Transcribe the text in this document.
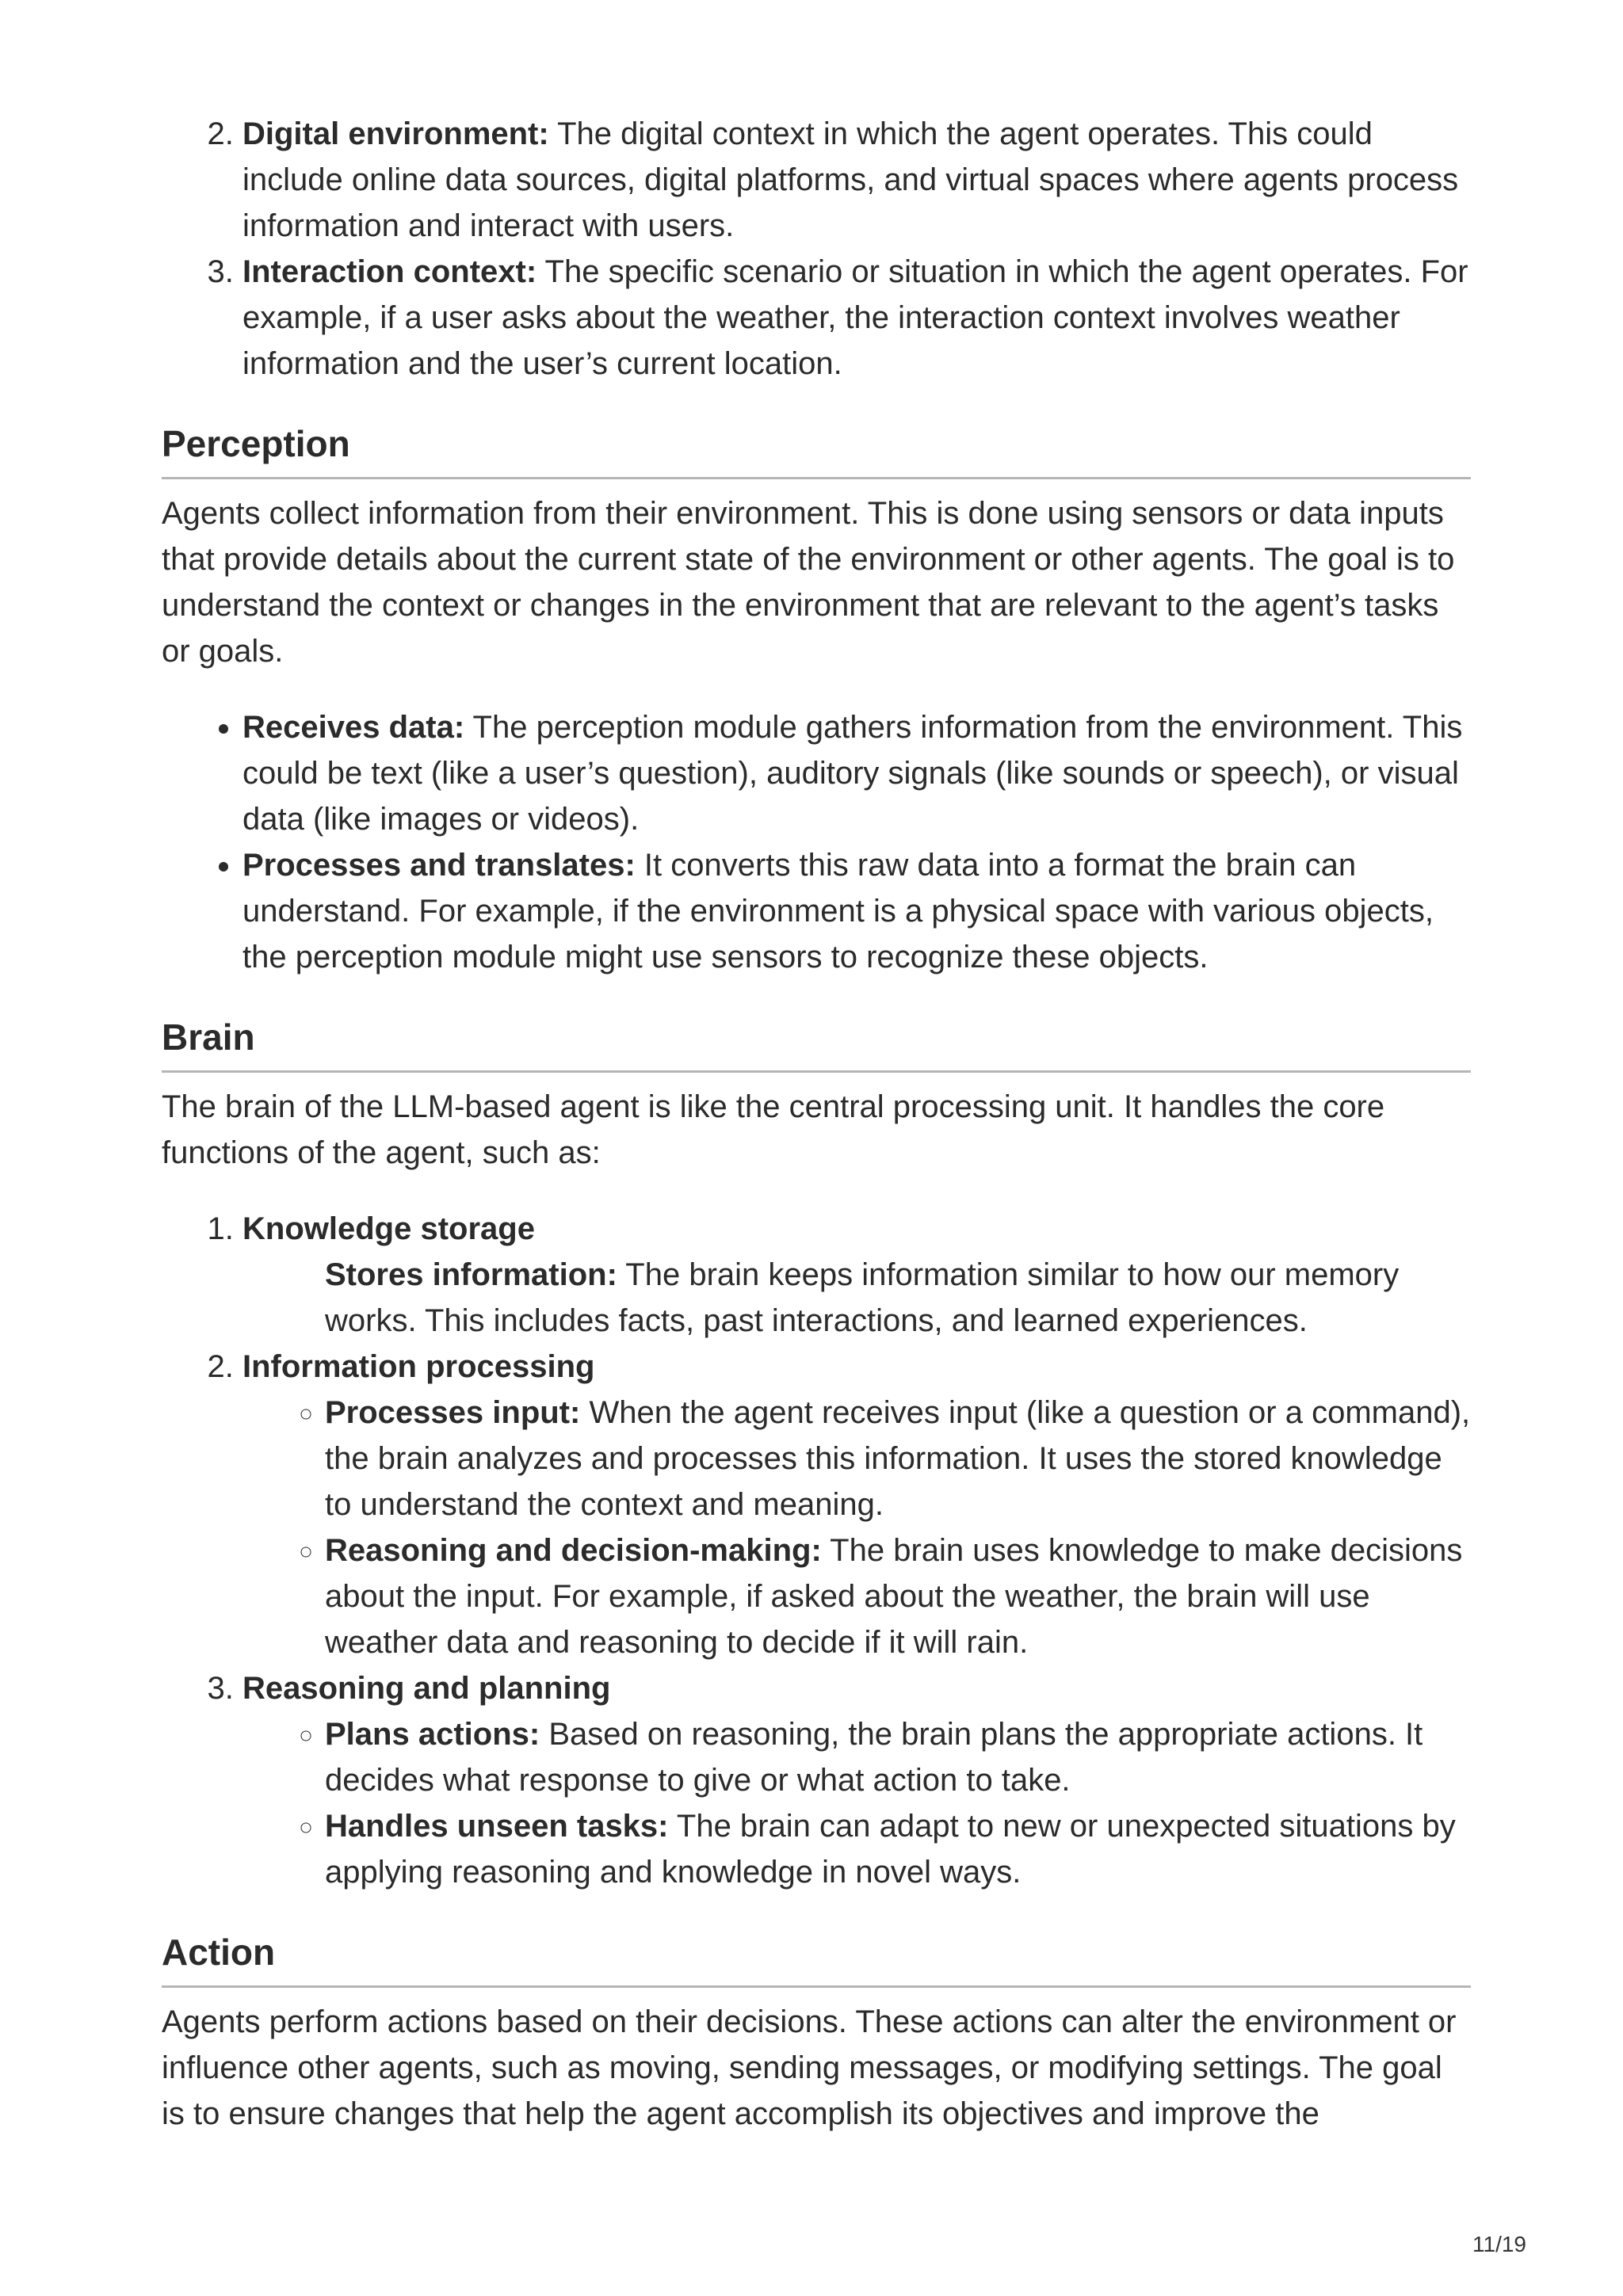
2. Digital environment: The digital context in which the agent operates. This could include online data sources, digital platforms, and virtual spaces where agents process information and interact with users.
3. Interaction context: The specific scenario or situation in which the agent operates. For example, if a user asks about the weather, the interaction context involves weather information and the user’s current location.
Perception

Agents collect information from their environment. This is done using sensors or data inputs that provide details about the current state of the environment or other agents. The goal is to understand the context or changes in the environment that are relevant to the agent’s tasks or goals.

• Receives data: The perception module gathers information from the environment. This could be text (like a user’s question), auditory signals (like sounds or speech), or visual data (like images or videos).
• Processes and translates: It converts this raw data into a format the brain can understand. For example, if the environment is a physical space with various objects, the perception module might use sensors to recognize these objects.
Brain

The brain of the LLM-based agent is like the central processing unit. It handles the core functions of the agent, such as:

1. Knowledge storage
Stores information: The brain keeps information similar to how our memory works. This includes facts, past interactions, and learned experiences.
2. Information processing
◦ Processes input: When the agent receives input (like a question or a command), the brain analyzes and processes this information. It uses the stored knowledge to understand the context and meaning.
◦ Reasoning and decision-making: The brain uses knowledge to make decisions about the input. For example, if asked about the weather, the brain will use weather data and reasoning to decide if it will rain.
3. Reasoning and planning
◦ Plans actions: Based on reasoning, the brain plans the appropriate actions. It decides what response to give or what action to take.
◦ Handles unseen tasks: The brain can adapt to new or unexpected situations by applying reasoning and knowledge in novel ways.
Action

Agents perform actions based on their decisions. These actions can alter the environment or influence other agents, such as moving, sending messages, or modifying settings. The goal is to ensure changes that help the agent accomplish its objectives and improve the

11/19
